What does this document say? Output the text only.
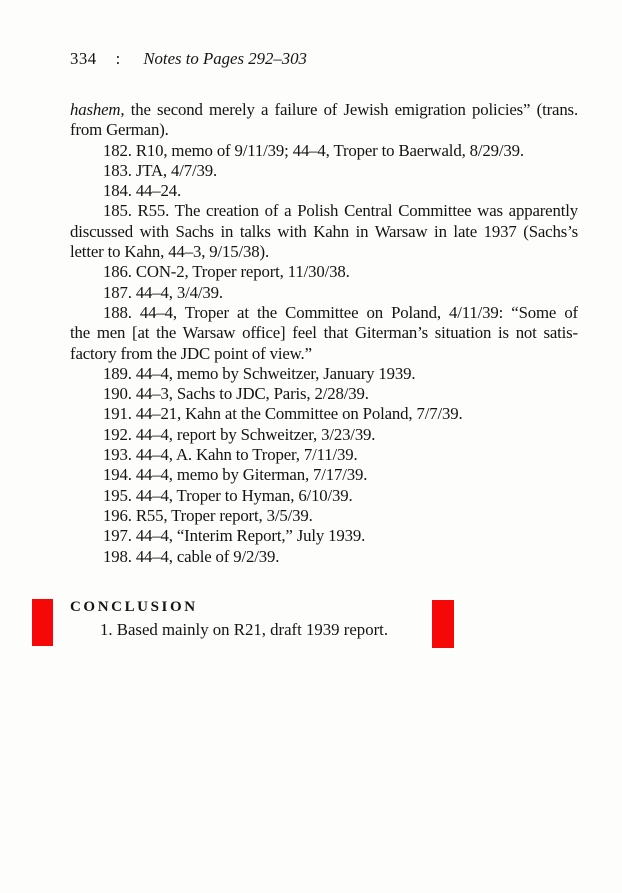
334 : Notes to Pages 292–303
hashem, the second merely a failure of Jewish emigration policies” (trans.
from German).
182. R10, memo of 9/11/39; 44–4, Troper to Baerwald, 8/29/39.
183. JTA, 4/7/39.
184. 44–24.
185. R55. The creation of a Polish Central Committee was apparently
discussed with Sachs in talks with Kahn in Warsaw in late 1937 (Sachs’s
letter to Kahn, 44–3, 9/15/38).
186. CON-2, Troper report, 11/30/38.
187. 44–4, 3/4/39.
188. 44–4, Troper at the Committee on Poland, 4/11/39: “Some of
the men [at the Warsaw office] feel that Giterman’s situation is not satis-
factory from the JDC point of view.”
189. 44–4, memo by Schweitzer, January 1939.
190. 44–3, Sachs to JDC, Paris, 2/28/39.
191. 44–21, Kahn at the Committee on Poland, 7/7/39.
192. 44–4, report by Schweitzer, 3/23/39.
193. 44–4, A. Kahn to Troper, 7/11/39.
194. 44–4, memo by Giterman, 7/17/39.
195. 44–4, Troper to Hyman, 6/10/39.
196. R55, Troper report, 3/5/39.
197. 44–4, “Interim Report,” July 1939.
198. 44–4, cable of 9/2/39.
CONCLUSION
1. Based mainly on R21, draft 1939 report.
